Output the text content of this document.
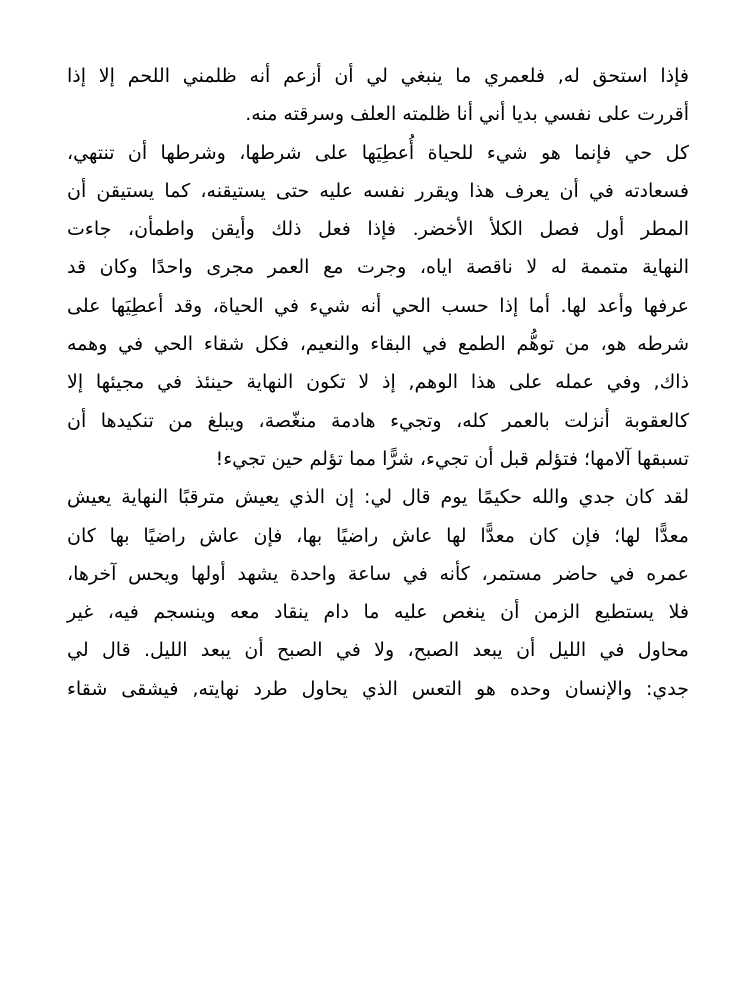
فإذا استحق له, فلعمري ما ينبغي لي أن أزعم أنه ظلمني اللحم إلا إذا
أقررت على نفسي بديا أني أنا ظلمته العلف وسرقته منه.
كل حي فإنما هو شيء للحياة أُعطِيَها على شرطها، وشرطها أن تنتهي،
فسعادته في أن يعرف هذا ويقرر نفسه عليه حتى يستيقنه، كما يستيقن أن
المطر أول فصل الكلأ الأخضر. فإذا فعل ذلك وأيقن واطمأن، جاءت
النهاية متممة له لا ناقصة اياه، وجرت مع العمر مجرى واحدًا وكان قد
عرفها وأعد لها. أما إذا حسب الحي أنه شيء في الحياة، وقد أعطِيَها على
شرطه هو، من توهُّم الطمع في البقاء والنعيم، فكل شقاء الحي في وهمه
ذاك, وفي عمله على هذا الوهم, إذ لا تكون النهاية حينئذ في مجيئها إلا
كالعقوبة أنزلت بالعمر كله، وتجيء هادمة منغّصة، ويبلغ من تنكيدها أن
تسبقها آلامها؛ فتؤلم قبل أن تجيء، شرًّا مما تؤلم حين تجيء!
لقد كان جدي والله حكيمًا يوم قال لي: إن الذي يعيش مترقبًا النهاية يعيش
معدًّا لها؛ فإن كان معدًّا لها عاش راضيًا بها، فإن عاش راضيًا بها كان
عمره في حاضر مستمر، كأنه في ساعة واحدة يشهد أولها ويحس آخرها،
فلا يستطيع الزمن أن ينغص عليه ما دام ينقاد معه وينسجم فيه، غير
محاول في الليل أن يبعد الصبح، ولا في الصبح أن يبعد الليل. قال لي
جدي: والإنسان وحده هو التعس الذي يحاول طرد نهايته, فيشقى شقاء
